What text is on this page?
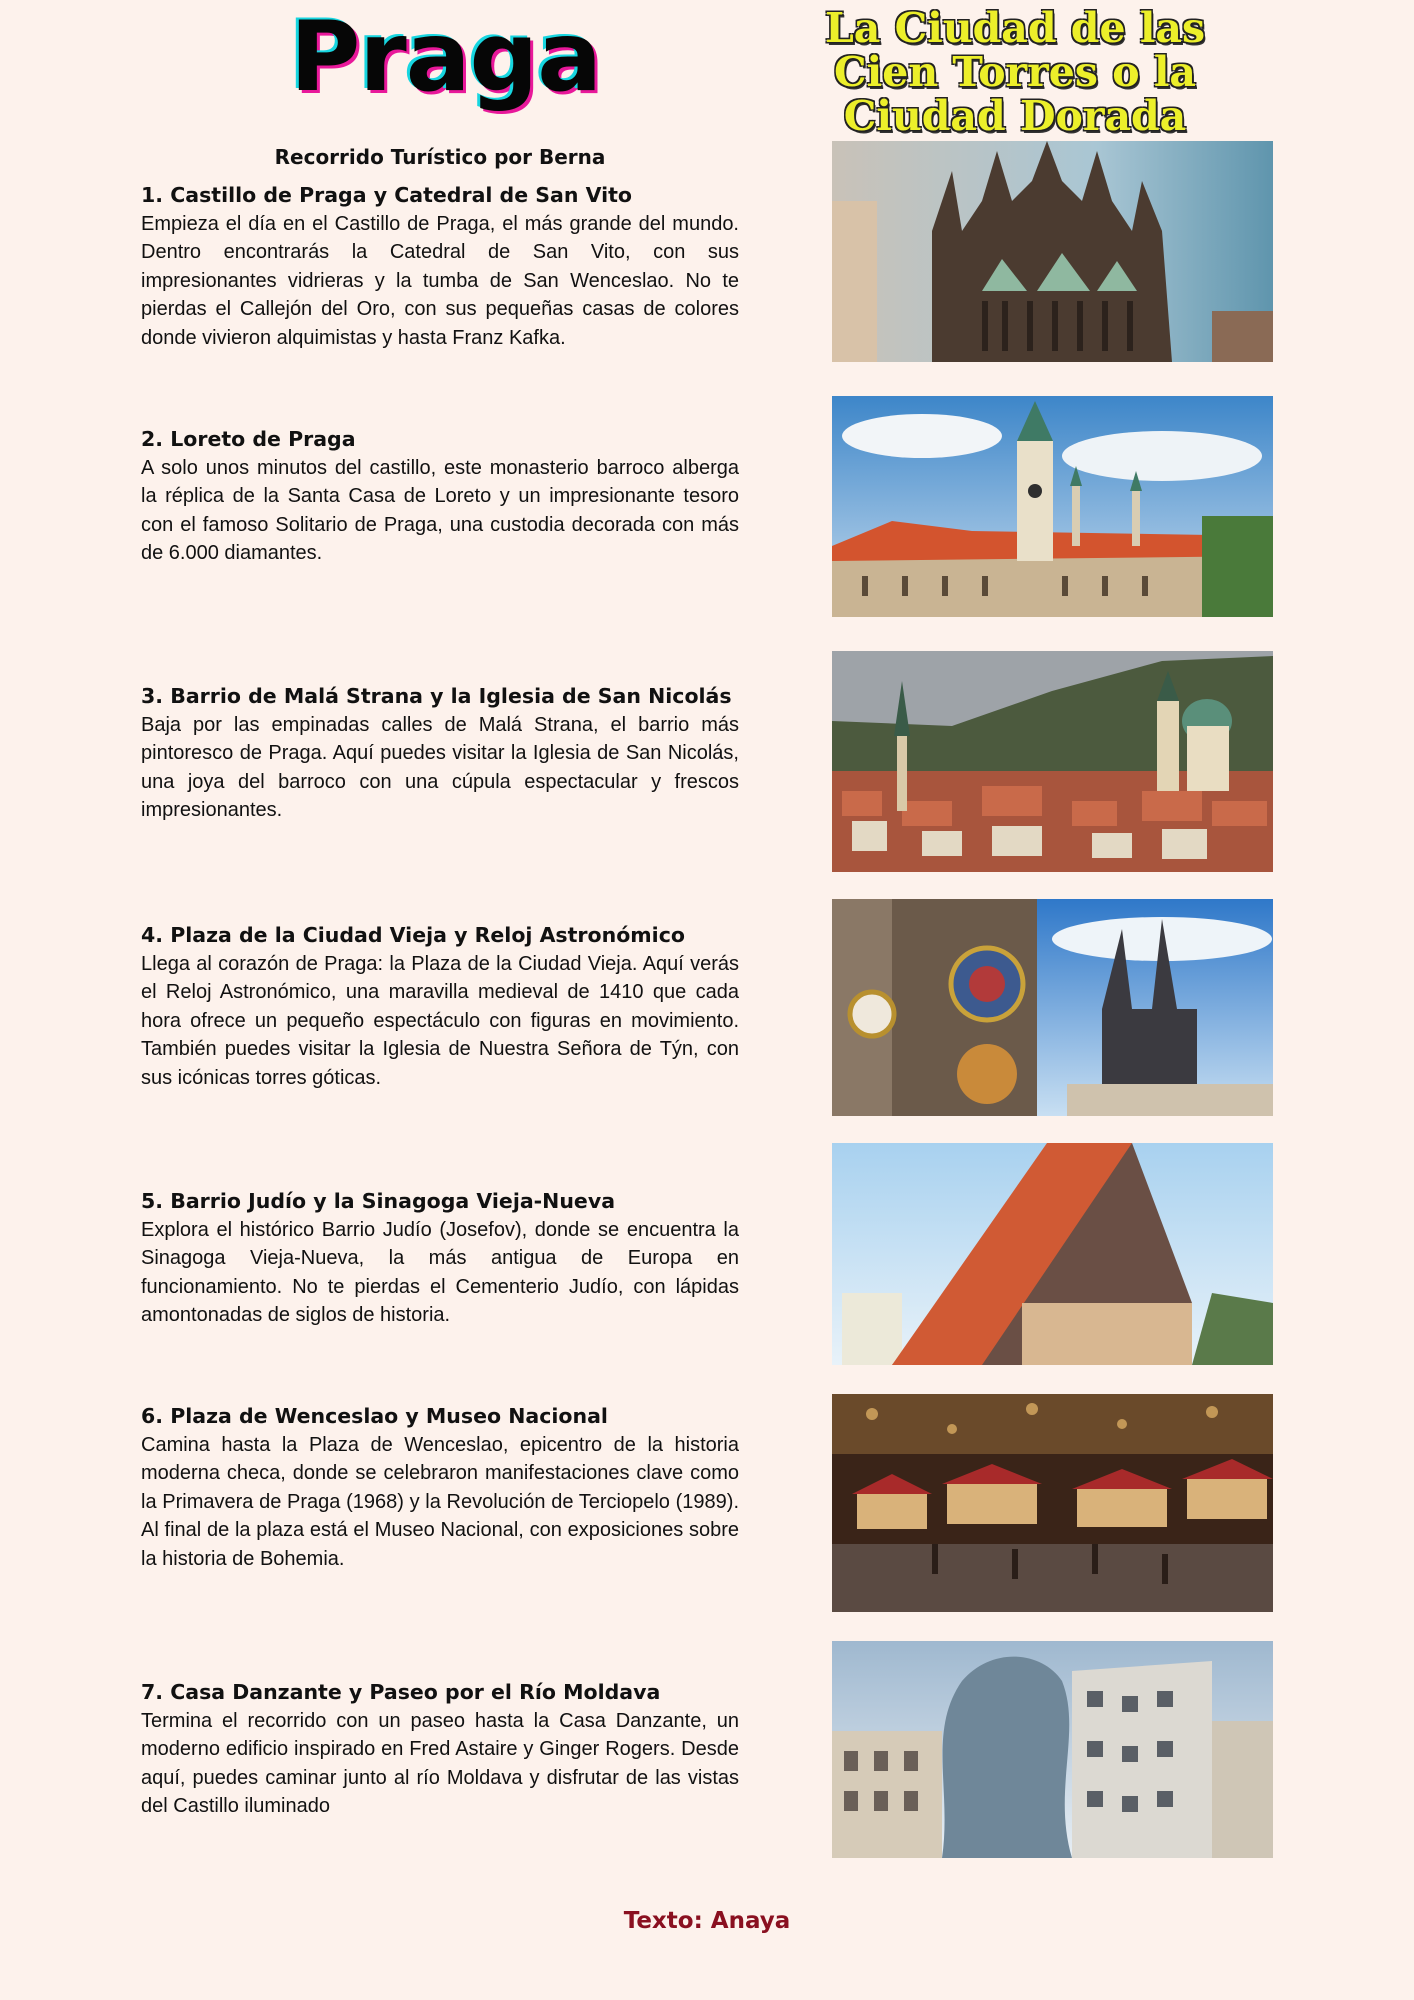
Praga	La Ciudad de las Cien Torres o la Ciudad Dorada
Recorrido Turístico por Berna

1. Castillo de Praga y Catedral de San Vito

Empieza el día en el Castillo de Praga, el más grande del mundo. Dentro encontrarás la Catedral de San Vito, con sus impresionantes vidrieras y la tumba de San Wenceslao. No te pierdas el Callejón del Oro, con sus pequeñas casas de colores donde vivieron alquimistas y hasta Franz Kafka.

2. Loreto de Praga

A solo unos minutos del castillo, este monasterio barroco alberga la réplica de la Santa Casa de Loreto y un impresionante tesoro con el famoso Solitario de Praga, una custodia decorada con más de 6.000 diamantes.

3. Barrio de Malá Strana y la Iglesia de San Nicolás

Baja por las empinadas calles de Malá Strana, el barrio más pintoresco de Praga. Aquí puedes visitar la Iglesia de San Nicolás, una joya del barroco con una cúpula espectacular y frescos impresionantes.

4. Plaza de la Ciudad Vieja y Reloj Astronómico

Llega al corazón de Praga: la Plaza de la Ciudad Vieja. Aquí verás el Reloj Astronómico, una maravilla medieval de 1410 que cada hora ofrece un pequeño espectáculo con figuras en movimiento. También puedes visitar la Iglesia de Nuestra Señora de Týn, con sus icónicas torres góticas.

5. Barrio Judío y la Sinagoga Vieja-Nueva

Explora el histórico Barrio Judío (Josefov), donde se encuentra la Sinagoga Vieja-Nueva, la más antigua de Europa en funcionamiento. No te pierdas el Cementerio Judío, con lápidas amontonadas de siglos de historia.

6. Plaza de Wenceslao y Museo Nacional

Camina hasta la Plaza de Wenceslao, epicentro de la historia moderna checa, donde se celebraron manifestaciones clave como la Primavera de Praga (1968) y la Revolución de Terciopelo (1989). Al final de la plaza está el Museo Nacional, con exposiciones sobre la historia de Bohemia.

7. Casa Danzante y Paseo por el Río Moldava

Termina el recorrido con un paseo hasta la Casa Danzante, un moderno edificio inspirado en Fred Astaire y Ginger Rogers. Desde aquí, puedes caminar junto al río Moldava y disfrutar de las vistas del Castillo iluminado

Texto: Anaya
